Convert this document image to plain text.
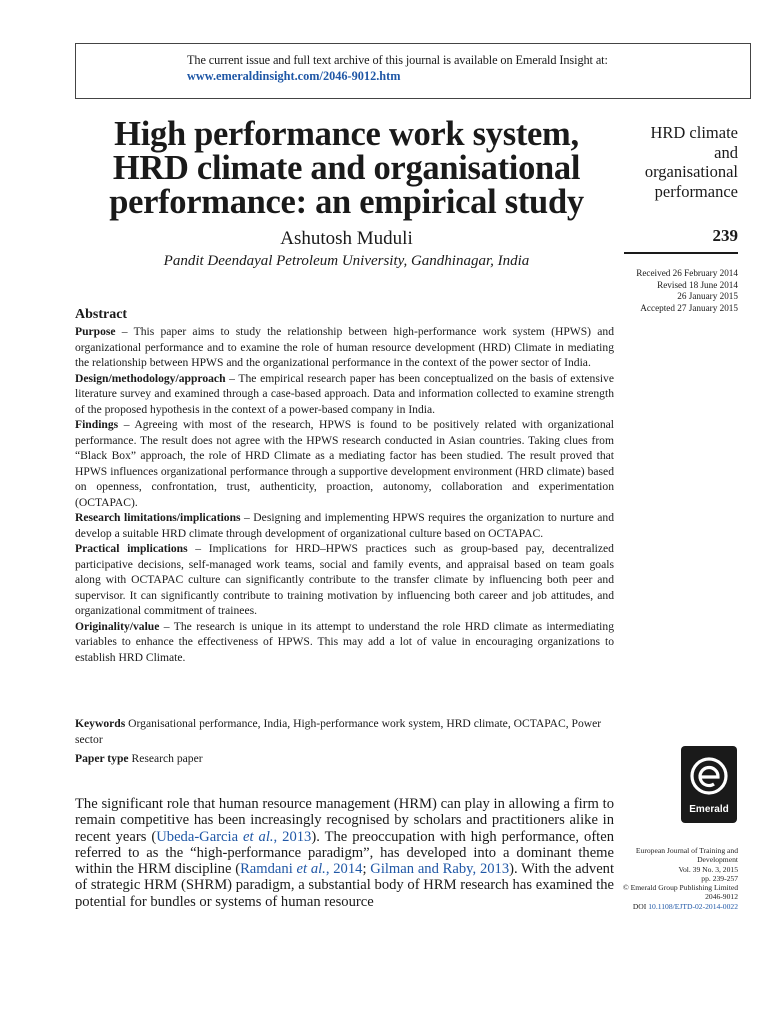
The current issue and full text archive of this journal is available on Emerald Insight at:
www.emeraldinsight.com/2046-9012.htm
High performance work system,
HRD climate and organisational
performance: an empirical study
Ashutosh Muduli
Pandit Deendayal Petroleum University, Gandhinagar, India
HRD climate
and
organisational
performance
239
Received 26 February 2014
Revised 18 June 2014
26 January 2015
Accepted 27 January 2015
Abstract

Purpose – This paper aims to study the relationship between high-performance work system (HPWS) and organizational performance and to examine the role of human resource development (HRD) Climate in mediating the relationship between HPWS and the organizational performance in the context of the power sector of India.

Design/methodology/approach – The empirical research paper has been conceptualized on the basis of extensive literature survey and examined through a case-based approach. Data and information collected to examine strength of the proposed hypothesis in the context of a power-based company in India.

Findings – Agreeing with most of the research, HPWS is found to be positively related with organizational performance. The result does not agree with the HPWS research conducted in Asian countries. Taking clues from “Black Box” approach, the role of HRD Climate as a mediating factor has been studied. The result proved that HPWS influences organizational performance through a supportive development environment (HRD climate) based on openness, confrontation, trust, authenticity, proaction, autonomy, collaboration and experimentation (OCTAPAC).

Research limitations/implications – Designing and implementing HPWS requires the organization to nurture and develop a suitable HRD climate through development of organizational culture based on OCTAPAC.

Practical implications – Implications for HRD–HPWS practices such as group-based pay, decentralized participative decisions, self-managed work teams, social and family events, and appraisal based on team goals along with OCTAPAC culture can significantly contribute to the transfer climate by influencing both peer and supervisor. It can significantly contribute to training motivation by influencing both career and job attitudes, and organizational commitment of trainees.

Originality/value – The research is unique in its attempt to understand the role HRD climate as intermediating variables to enhance the effectiveness of HPWS. This may add a lot of value in encouraging organizations to establish HRD Climate.

Keywords Organisational performance, India, High-performance work system, HRD climate, OCTAPAC, Power sector
Paper type Research paper

The significant role that human resource management (HRM) can play in allowing a firm to remain competitive has been increasingly recognised by scholars and practitioners alike in recent years (Ubeda-Garcia et al., 2013). The preoccupation with high performance, often referred to as the “high-performance paradigm”, has developed into a dominant theme within the HRM discipline (Ramdani et al., 2014; Gilman and Raby, 2013). With the advent of strategic HRM (SHRM) paradigm, a substantial body of HRM research has examined the potential for bundles or systems of human resource

Emerald
European Journal of Training and Development
Vol. 39 No. 3, 2015
pp. 239-257
© Emerald Group Publishing Limited
2046-9012
DOI 10.1108/EJTD-02-2014-0022
